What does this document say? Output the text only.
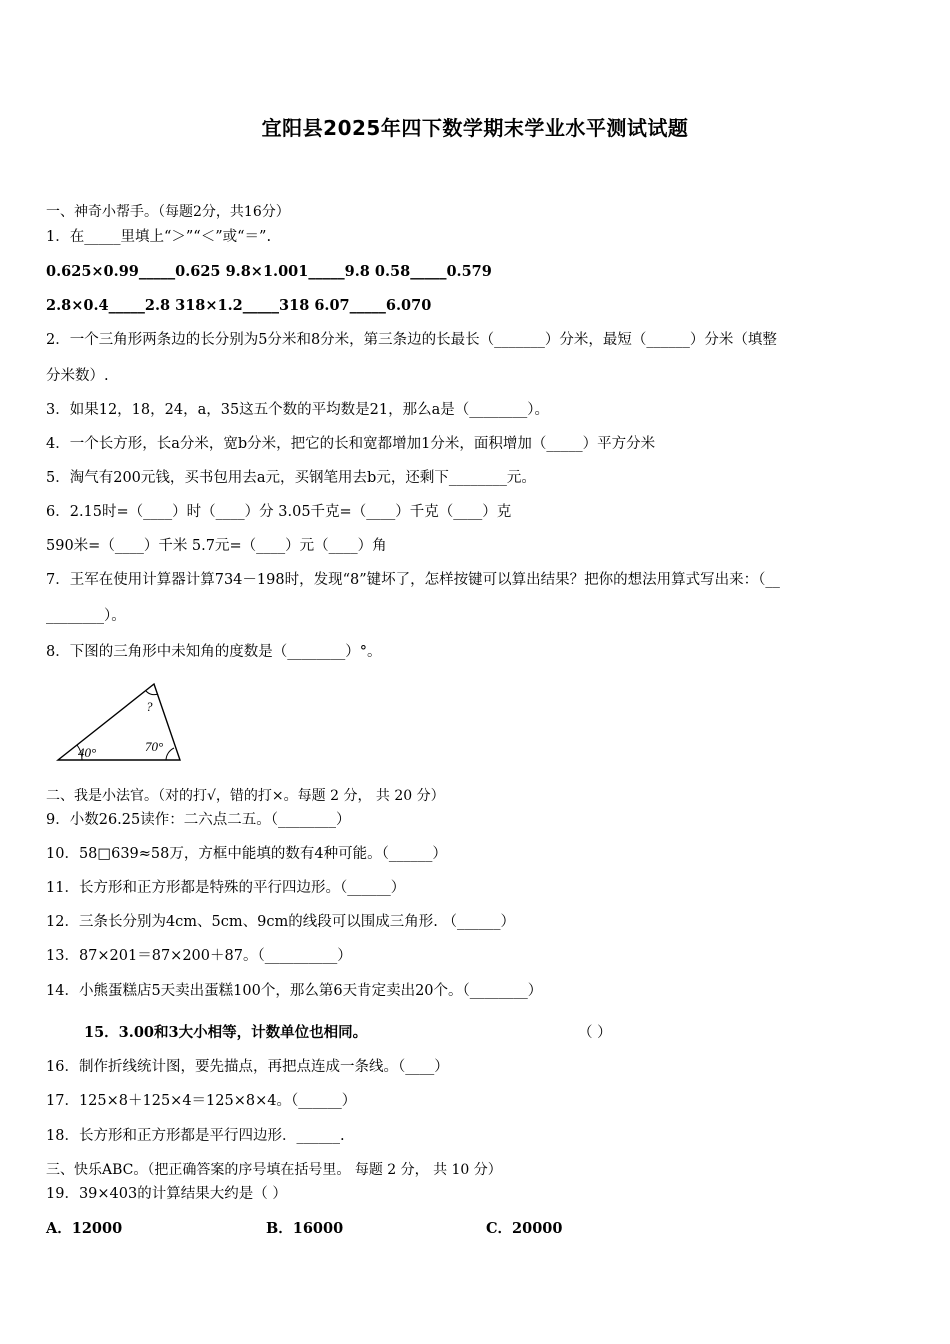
宜阳县2025年四下数学期末学业水平测试试题
一、神奇小帮手。（每题2分，共16分）
1．在_____里填上“＞”“＜”或“＝”.
0.625×0.99_____0.625 9.8×1.001_____9.8 0.58_____0.579
2.8×0.4_____2.8 318×1.2_____318 6.07_____6.070
2．一个三角形两条边的长分别为5分米和8分米，第三条边的长最长（_______）分米，最短（______）分米（填整
分米数）.
3．如果12，18，24，a，35这五个数的平均数是21，那么a是（________）。
4．一个长方形，长a分米，宽b分米，把它的长和宽都增加1分米，面积增加（_____）平方分米
5．淘气有200元钱，买书包用去a元，买钢笔用去b元，还剩下________元。
6．2.15时=（____）时（____）分 3.05千克=（____）千克（____）克
590米=（____）千米 5.7元=（____）元（____）角
7．王军在使用计算器计算734－198时，发现“8”键坏了，怎样按键可以算出结果？把你的想法用算式写出来：（__
________）。
8．下图的三角形中未知角的度数是（________）°。
40°	70°
?
二、我是小法官。（对的打√，错的打×。每题 2 分， 共 20 分）
9．小数26.25读作：二六点二五。（________）
10．58□639≈58万，方框中能填的数有4种可能。（______）
11．长方形和正方形都是特殊的平行四边形。（______）
12．三条长分别为4cm、5cm、9cm的线段可以围成三角形. （______）
13．87×201＝87×200＋87。（__________）
14．小熊蛋糕店5天卖出蛋糕100个，那么第6天肯定卖出20个。（________）
15．3.00和3大小相等，计数单位也相同。	（ ）
16．制作折线统计图，要先描点，再把点连成一条线。（____）
17．125×8＋125×4＝125×8×4。（______）
18．长方形和正方形都是平行四边形．______.
三、快乐ABC。（把正确答案的序号填在括号里。 每题 2 分， 共 10 分）
19．39×403的计算结果大约是（ ）
A．12000	B．16000	C．20000
